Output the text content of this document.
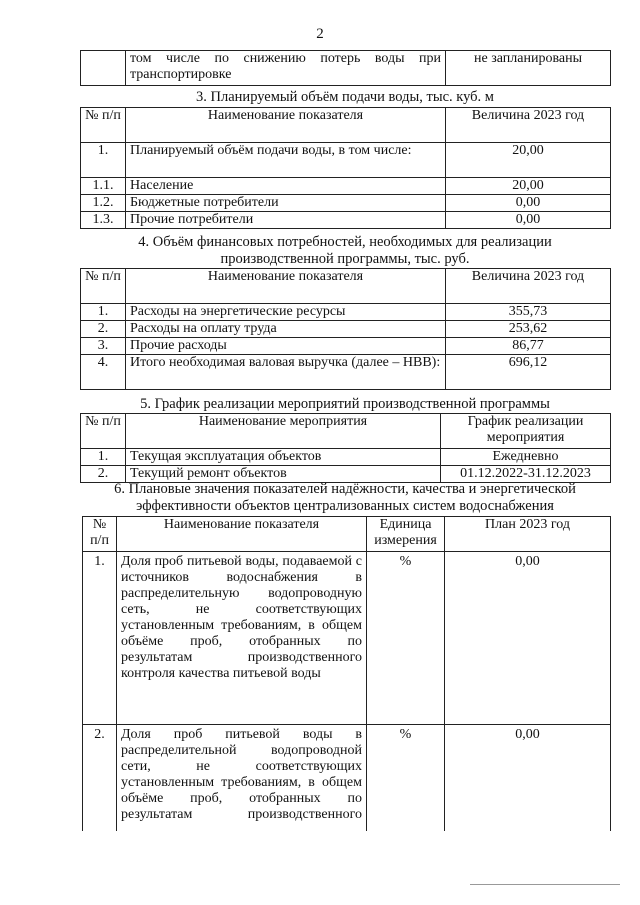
2
	том числе по снижению потерь воды при транспортировке	не запланированы
3. Планируемый объём подачи воды, тыс. куб. м
№ п/п	Наименование показателя	Величина 2023 год
1.	Планируемый объём подачи воды, в том числе:	20,00
1.1.	Население	20,00
1.2.	Бюджетные потребители	0,00
1.3.	Прочие потребители	0,00
4. Объём финансовых потребностей, необходимых для реализации производственной программы, тыс. руб.
№ п/п	Наименование показателя	Величина 2023 год
1.	Расходы на энергетические ресурсы	355,73
2.	Расходы на оплату труда	253,62
3.	Прочие расходы	86,77
4.	Итого необходимая валовая выручка (далее – НВВ):	696,12
5. График реализации мероприятий производственной программы
№ п/п	Наименование мероприятия	График реализации мероприятия
1.	Текущая эксплуатация объектов	Ежедневно
2.	Текущий ремонт объектов	01.12.2022-31.12.2023
6. Плановые значения показателей надёжности, качества и энергетической эффективности объектов централизованных систем водоснабжения
№ п/п	Наименование показателя	Единица измерения	План 2023 год
1.	Доля проб питьевой воды, подаваемой с источников водоснабжения в распределительную водопроводную сеть, не соответствующих установленным требованиям, в общем объёме проб, отобранных по результатам производственного контроля качества питьевой воды	%	0,00
2.	Доля проб питьевой воды в распределительной водопроводной сети, не соответствующих установленным требованиям, в общем объёме проб, отобранных по результатам производственного	%	0,00
